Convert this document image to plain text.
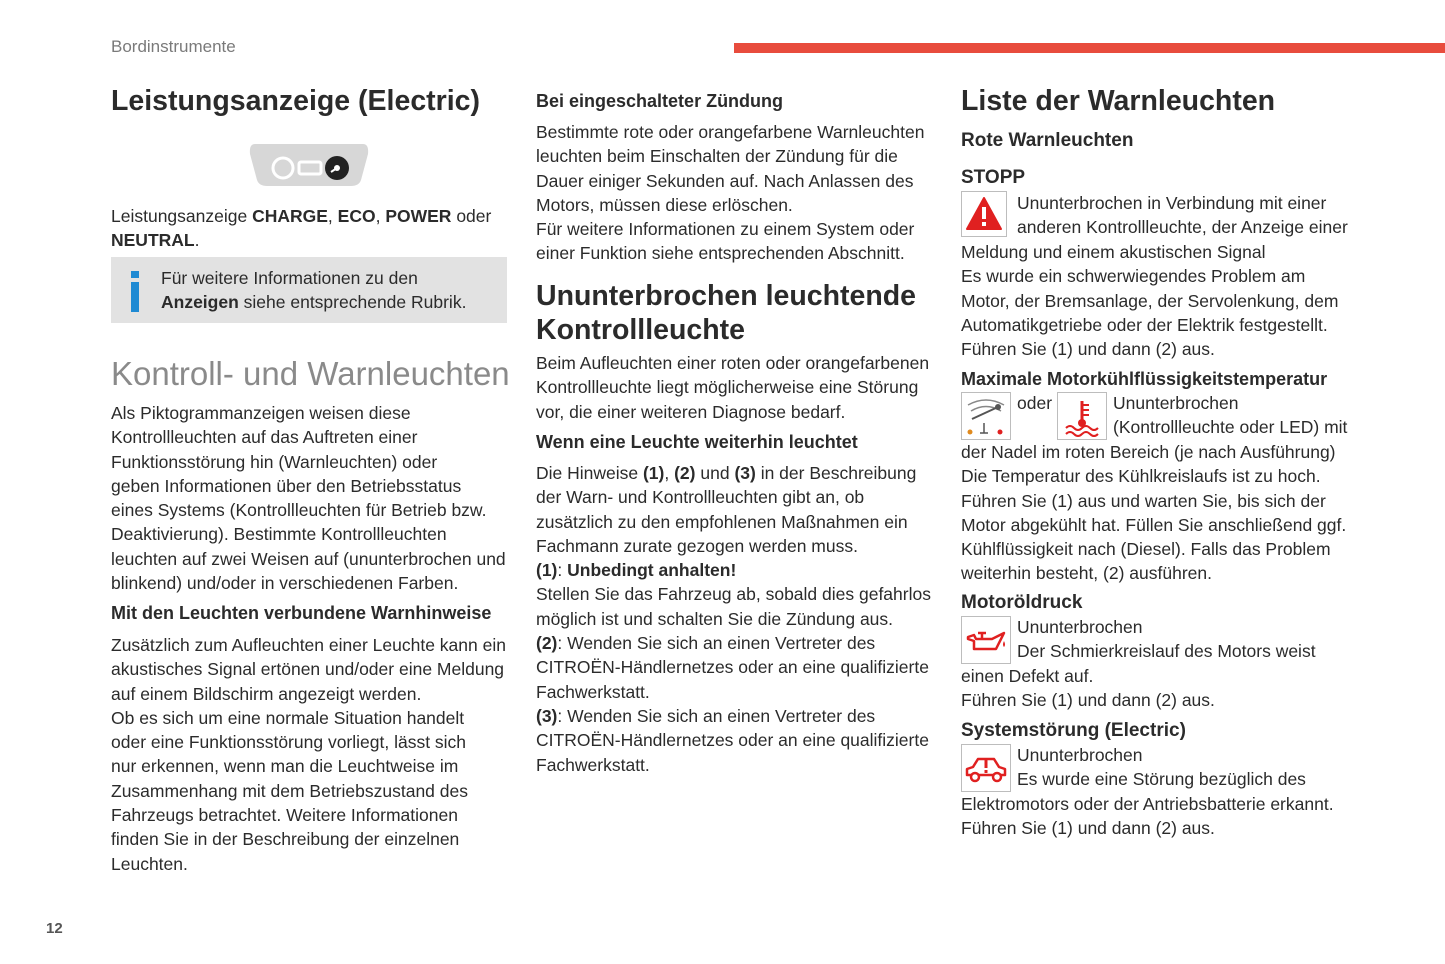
Bordinstrumente
Leistungsanzeige (Electric)
Leistungsanzeige CHARGE, ECO, POWER oder
NEUTRAL.
Für weitere Informationen zu den
Anzeigen siehe entsprechende Rubrik.
Kontroll- und Warnleuchten
Als Piktogrammanzeigen weisen diese
Kontrollleuchten auf das Auftreten einer
Funktionsstörung hin (Warnleuchten) oder
geben Informationen über den Betriebsstatus
eines Systems (Kontrollleuchten für Betrieb bzw.
Deaktivierung). Bestimmte Kontrollleuchten
leuchten auf zwei Weisen auf (ununterbrochen und
blinkend) und/oder in verschiedenen Farben.
Mit den Leuchten verbundene Warnhinweise
Zusätzlich zum Aufleuchten einer Leuchte kann ein
akustisches Signal ertönen und/oder eine Meldung
auf einem Bildschirm angezeigt werden.
Ob es sich um eine normale Situation handelt
oder eine Funktionsstörung vorliegt, lässt sich
nur erkennen, wenn man die Leuchtweise im
Zusammenhang mit dem Betriebszustand des
Fahrzeugs betrachtet. Weitere Informationen
finden Sie in der Beschreibung der einzelnen
Leuchten.
Bei eingeschalteter Zündung
Bestimmte rote oder orangefarbene Warnleuchten
leuchten beim Einschalten der Zündung für die
Dauer einiger Sekunden auf. Nach Anlassen des
Motors, müssen diese erlöschen.
Für weitere Informationen zu einem System oder
einer Funktion siehe entsprechenden Abschnitt.
Ununterbrochen leuchtende
Kontrollleuchte
Beim Aufleuchten einer roten oder orangefarbenen
Kontrollleuchte liegt möglicherweise eine Störung
vor, die einer weiteren Diagnose bedarf.
Wenn eine Leuchte weiterhin leuchtet
Die Hinweise (1), (2) und (3) in der Beschreibung
der Warn- und Kontrollleuchten gibt an, ob
zusätzlich zu den empfohlenen Maßnahmen ein
Fachmann zurate gezogen werden muss.
(1): Unbedingt anhalten!
Stellen Sie das Fahrzeug ab, sobald dies gefahrlos
möglich ist und schalten Sie die Zündung aus.
(2): Wenden Sie sich an einen Vertreter des
CITROËN-Händlernetzes oder an eine qualifizierte
Fachwerkstatt.
(3): Wenden Sie sich an einen Vertreter des
CITROËN-Händlernetzes oder an eine qualifizierte
Fachwerkstatt.
Liste der Warnleuchten
Rote Warnleuchten
STOPP
Ununterbrochen in Verbindung mit einer
anderen Kontrollleuchte, der Anzeige einer
Meldung und einem akustischen Signal
Es wurde ein schwerwiegendes Problem am
Motor, der Bremsanlage, der Servolenkung, dem
Automatikgetriebe oder der Elektrik festgestellt.
Führen Sie (1) und dann (2) aus.
Maximale Motorkühlflüssigkeitstemperatur
oder	Ununterbrochen
(Kontrollleuchte oder LED) mit
der Nadel im roten Bereich (je nach Ausführung)
Die Temperatur des Kühlkreislaufs ist zu hoch.
Führen Sie (1) aus und warten Sie, bis sich der
Motor abgekühlt hat. Füllen Sie anschließend ggf.
Kühlflüssigkeit nach (Diesel). Falls das Problem
weiterhin besteht, (2) ausführen.
Motoröldruck
Ununterbrochen
Der Schmierkreislauf des Motors weist
einen Defekt auf.
Führen Sie (1) und dann (2) aus.
Systemstörung (Electric)
Ununterbrochen
Es wurde eine Störung bezüglich des
Elektromotors oder der Antriebsbatterie erkannt.
Führen Sie (1) und dann (2) aus.
12
